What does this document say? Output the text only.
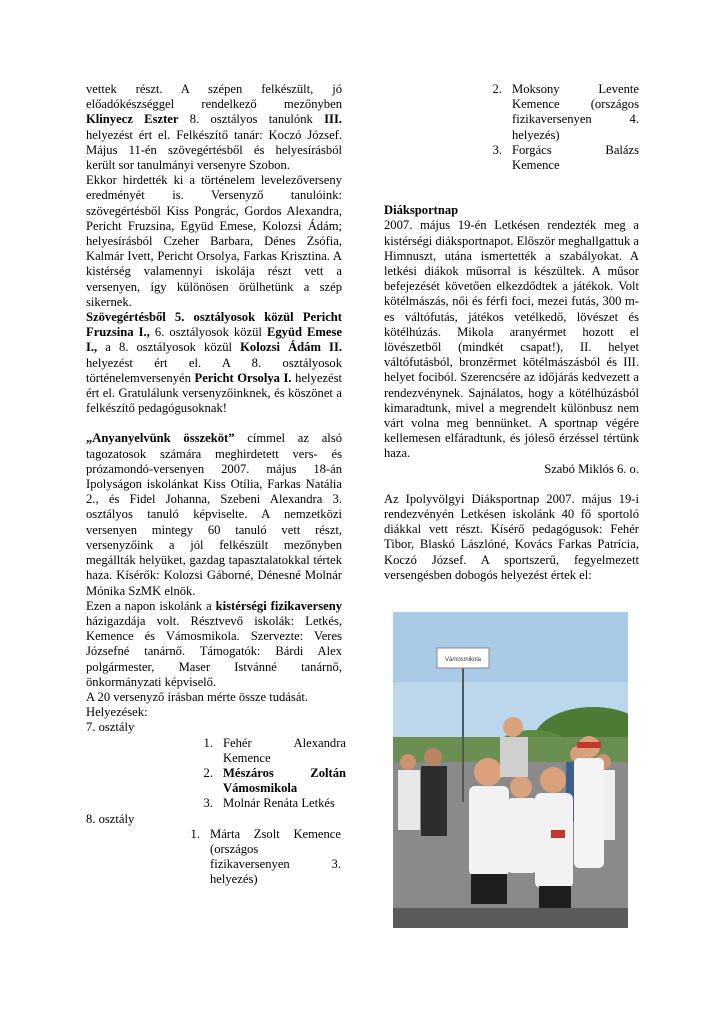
vettek részt. A szépen felkészült, jó előadókészséggel rendelkező mezőnyben Klinyecz Eszter 8. osztályos tanulónk III. helyezést ért el. Felkészítő tanár: Koczó József. Május 11-én szövegértésből és helyesírásból került sor tanulmányi versenyre Szobon.

Ekkor hirdették ki a történelem levelezőverseny eredményét is. Versenyző tanulóink: szövegértésből Kiss Pongrác, Gordos Alexandra, Pericht Fruzsina, Együd Emese, Kolozsi Ádám; helyesírásból Czeher Barbara, Dénes Zsófia, Kalmár Ivett, Pericht Orsolya, Farkas Krisztina. A kistérség valamennyi iskolája részt vett a versenyen, így különösen örülhetünk a szép sikernek.

Szövegértésből 5. osztályosok közül Pericht Fruzsina I., 6. osztályosok közül Együd Emese I., a 8. osztályosok közül Kolozsi Ádám II. helyezést ért el. A 8. osztályosok történelemversenyén Pericht Orsolya I. helyezést ért el. Gratulálunk versenyzőinknek, és köszönet a felkészítő pedagógusoknak!

„Anyanyelvünk összeköt” címmel az alsó tagozatosok számára meghirdetett vers- és prózamondó-versenyen 2007. május 18-án Ipolyságon iskolánkat Kiss Otília, Farkas Natália 2., és Fidel Johanna, Szebeni Alexandra 3. osztályos tanuló képviselte. A nemzetközi versenyen mintegy 60 tanuló vett részt, versenyzőink a jól felkészült mezőnyben megállták helyüket, gazdag tapasztalatokkal tértek haza. Kísérők: Kolozsi Gáborné, Dénesné Molnár Mónika SzMK elnök.

Ezen a napon iskolánk a kistérségi fizikaverseny házigazdája volt. Résztvevő iskolák: Letkés, Kemence és Vámosmikola. Szervezte: Veres Józsefné tanárnő. Támogatók: Bárdi Alex polgármester, Maser Istvánné tanárnő, önkormányzati képviselő.

A 20 versenyző írásban mérte össze tudását.

Helyezések:

7. osztály

1. Fehér Alexandra Kemence
2. Mészáros Zoltán Vámosmikola
3. Molnár Renáta Letkés

8. osztály

1. Márta Zsolt Kemence (országos fizikaversenyen 3. helyezés)
2. Moksony Levente Kemence (országos fizikaversenyen 4. helyezés)
3. Forgács Balázs Kemence

Diáksportnap

2007. május 19-én Letkésen rendezték meg a kistérségi diáksportnapot. Először meghallgattuk a Himnuszt, utána ismertették a szabályokat. A letkési diákok műsorral is készültek. A műsor befejezését követően elkezdődtek a játékok. Volt kötélmászás, női és férfi foci, mezei futás, 300 m-es váltófutás, játékos vetélkedő, lövészet és kötélhúzás. Mikola aranyérmet hozott el lövészetből (mindkét csapat!), II. helyet váltófutásból, bronzérmet kötélmászásból és III. helyet fociból. Szerencsére az időjárás kedvezett a rendezvénynek. Sajnálatos, hogy a kötélhúzásból kimaradtunk, mivel a megrendelt különbusz nem várt volna meg bennünket. A sportnap végére kellemesen elfáradtunk, és jóleső érzéssel tértünk haza.

Szabó Miklós 6. o.

Az Ipolyvölgyi Diáksportnap 2007. május 19-i rendezvényén Letkésen iskolánk 40 fő sportoló diákkal vett részt. Kísérő pedagógusok: Fehér Tibor, Blaskó Lászlóné, Kovács Farkas Patrícia, Koczó József. A sportszerű, fegyelmezett versengésben dobogós helyezést értek el:

Vámosmikola
